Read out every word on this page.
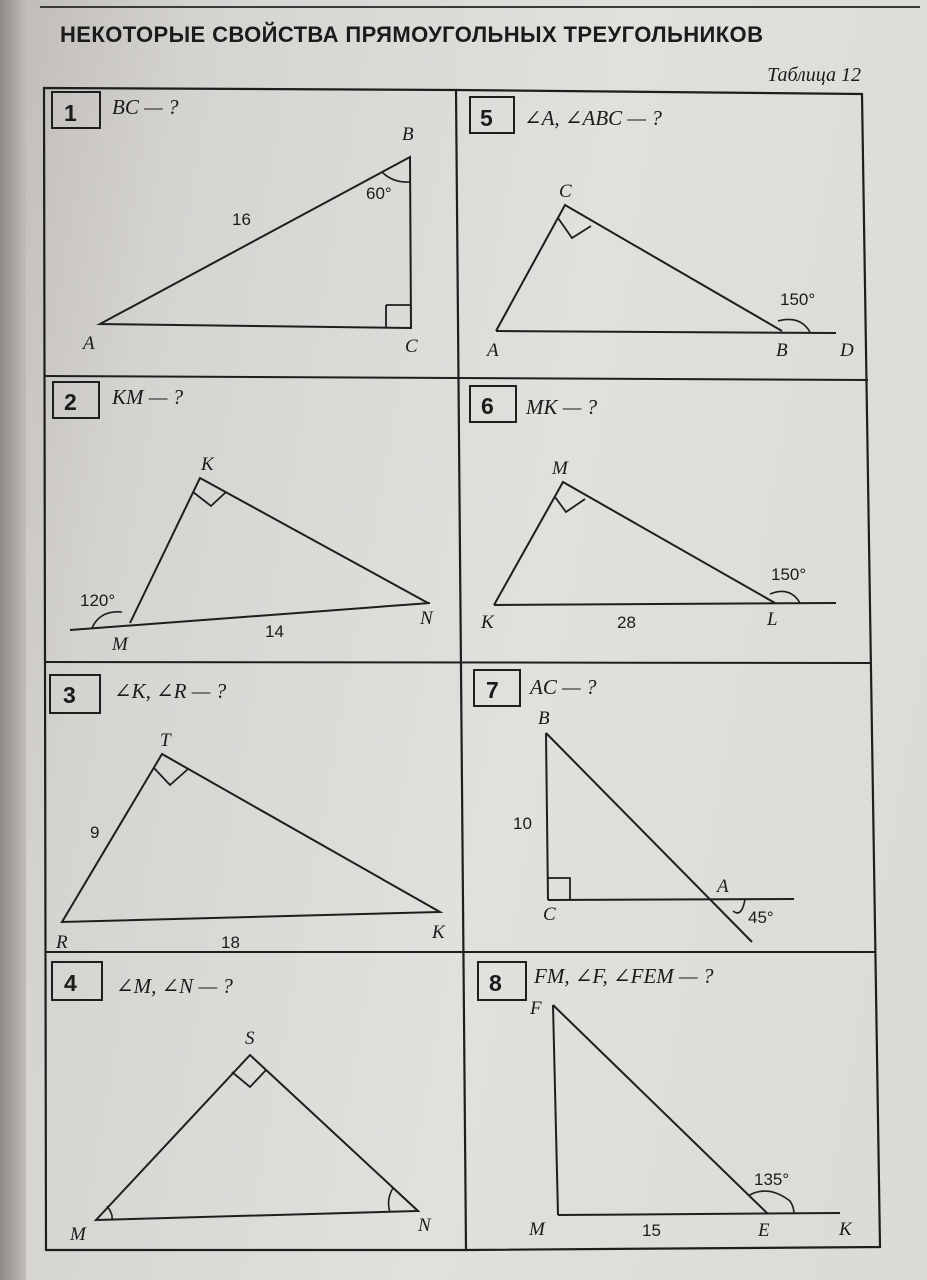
НЕКОТОРЫЕ СВОЙСТВА ПРЯМОУГОЛЬНЫХ ТРЕУГОЛЬНИКОВ
Таблица 12
1 BC — ?
B
A	C
16
60°
5 ∠A, ∠ABC — ?
C
A	B	D
150°
2 KM — ?
K
M
N
120°
14
6 MK — ?
M
K	L
150°
28
3 ∠K, ∠R — ?
T
R	K
9
18
7 AC — ?
B
C
A
10
45°
4 ∠M, ∠N — ?
S
M	N
8 FM, ∠F, ∠FEM — ?
F
M	E	K
15
135°
